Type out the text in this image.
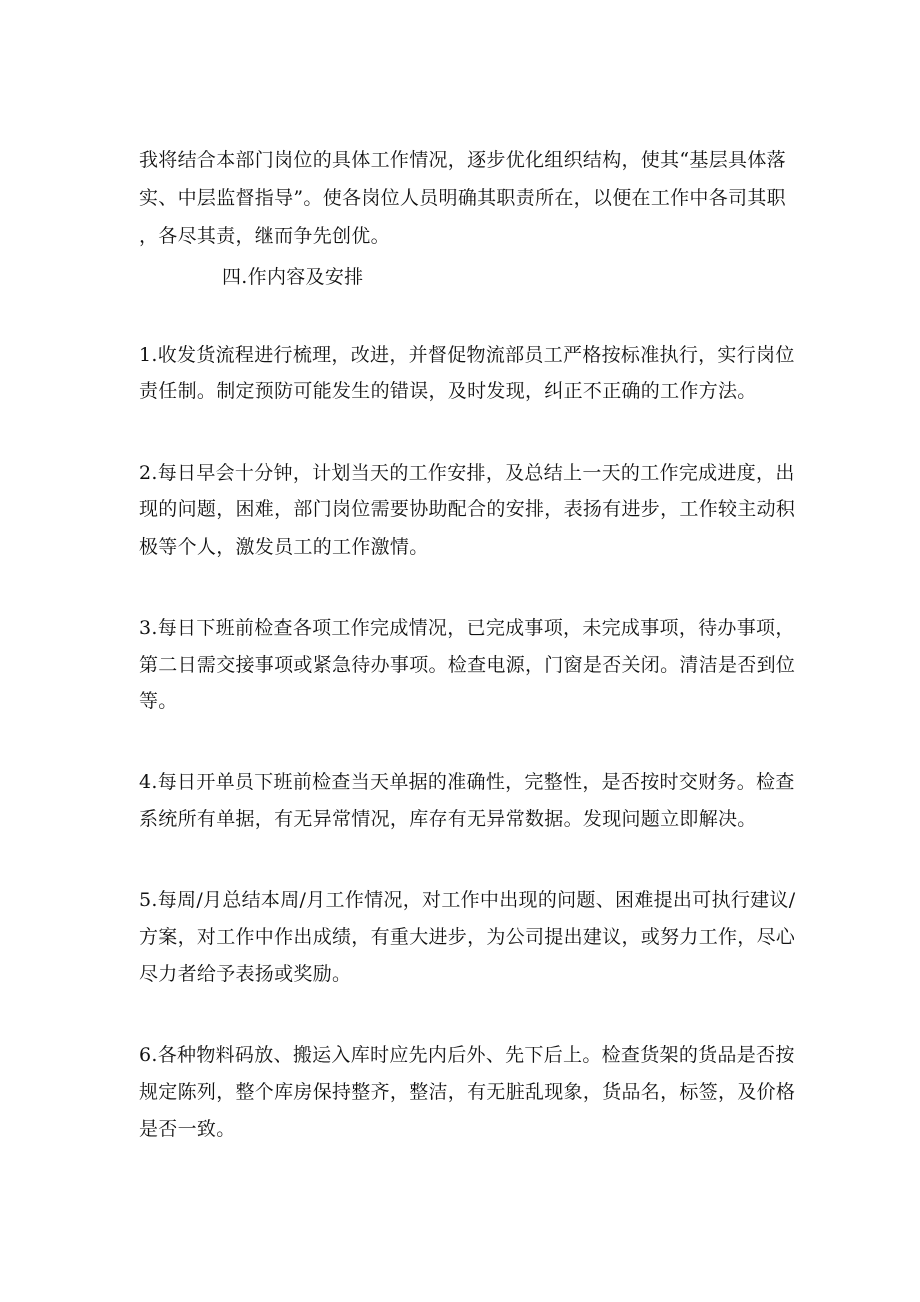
我将结合本部门岗位的具体工作情况，逐步优化组织结构，使其“基层具体落
实、中层监督指导”。使各岗位人员明确其职责所在，以便在工作中各司其职
，各尽其责，继而争先创优。
四.作内容及安排
1.收发货流程进行梳理，改进，并督促物流部员工严格按标准执行，实行岗位
责任制。制定预防可能发生的错误，及时发现，纠正不正确的工作方法。
2.每日早会十分钟，计划当天的工作安排，及总结上一天的工作完成进度，出
现的问题，困难，部门岗位需要协助配合的安排，表扬有进步，工作较主动积
极等个人，激发员工的工作激情。
3.每日下班前检查各项工作完成情况，已完成事项，未完成事项，待办事项，
第二日需交接事项或紧急待办事项。检查电源，门窗是否关闭。清洁是否到位
等。
4.每日开单员下班前检查当天单据的准确性，完整性，是否按时交财务。检查
系统所有单据，有无异常情况，库存有无异常数据。发现问题立即解决。
5.每周/月总结本周/月工作情况，对工作中出现的问题、困难提出可执行建议/
方案，对工作中作出成绩，有重大进步，为公司提出建议，或努力工作，尽心
尽力者给予表扬或奖励。
6.各种物料码放、搬运入库时应先内后外、先下后上。检查货架的货品是否按
规定陈列，整个库房保持整齐，整洁，有无脏乱现象，货品名，标签，及价格
是否一致。
